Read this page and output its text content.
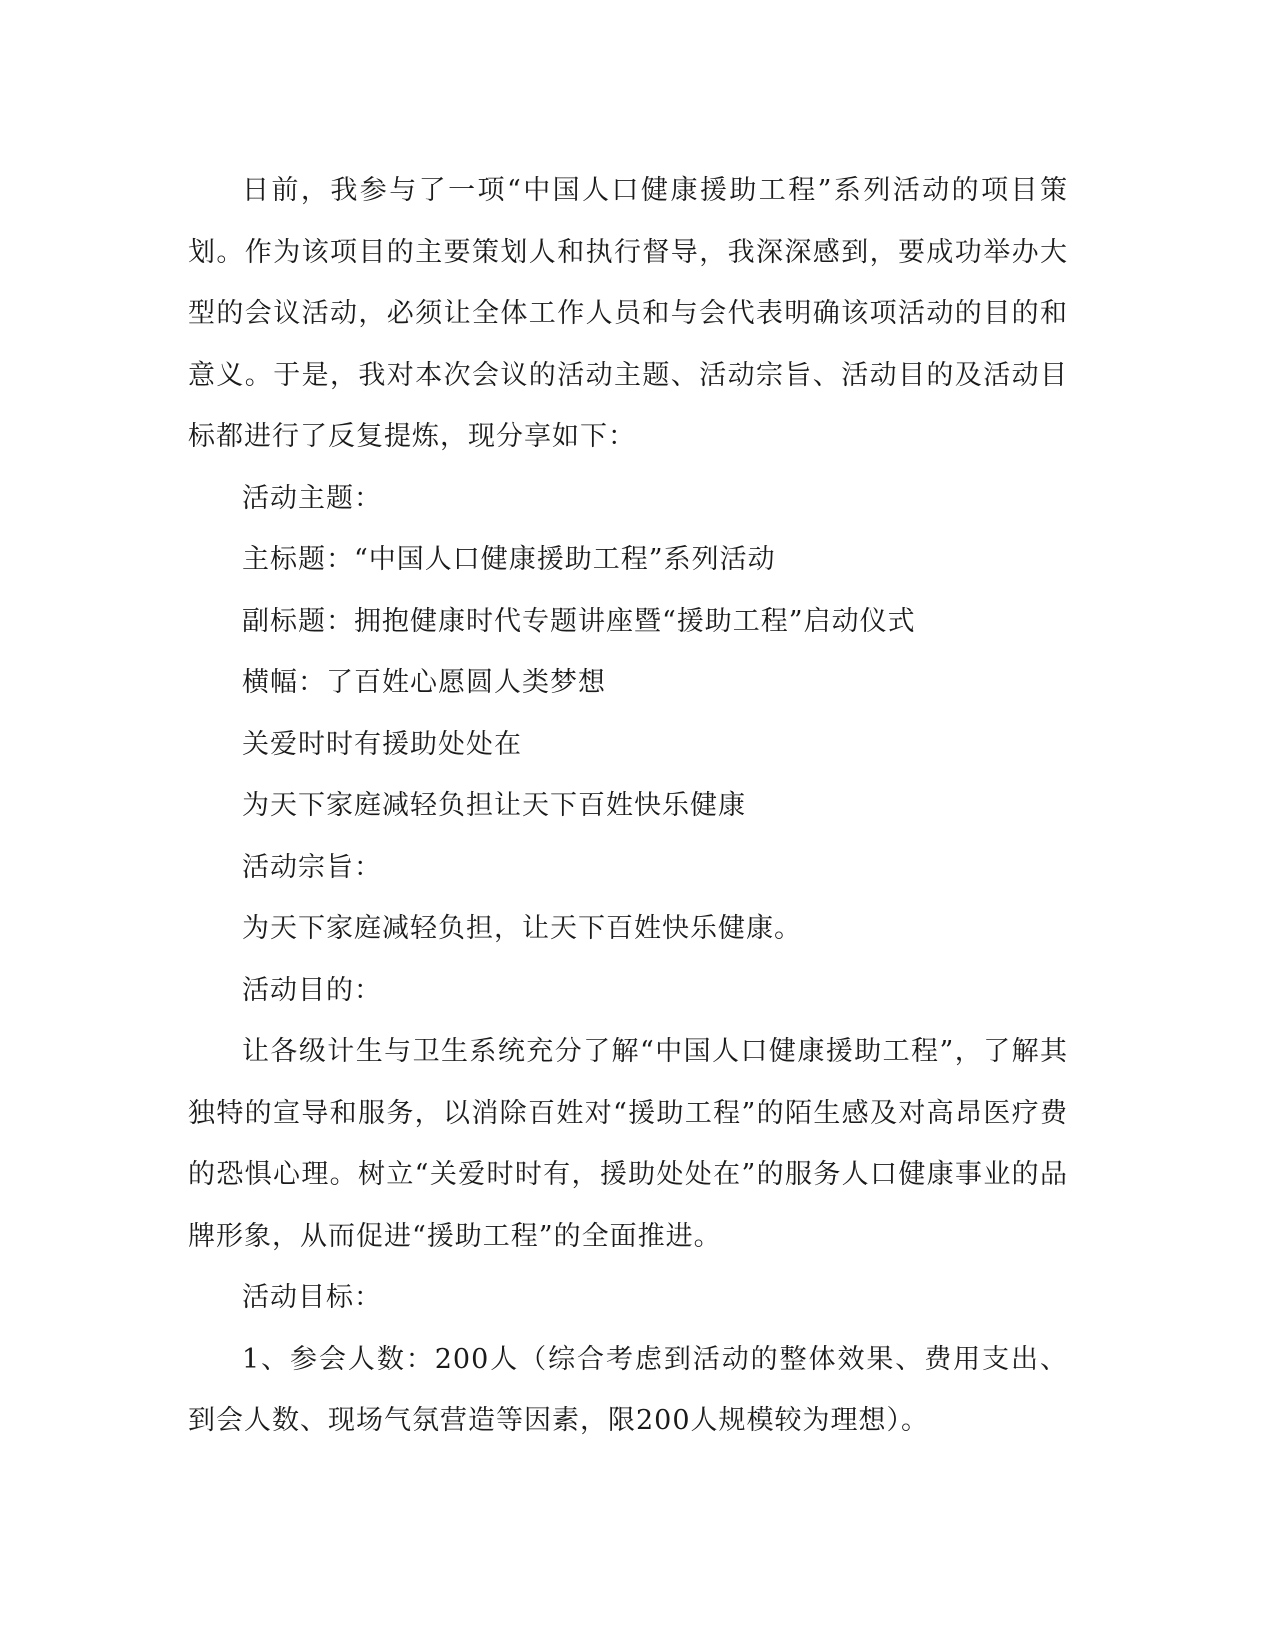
日前，我参与了一项“中国人口健康援助工程”系列活动的项目策划。作为该项目的主要策划人和执行督导，我深深感到，要成功举办大型的会议活动，必须让全体工作人员和与会代表明确该项活动的目的和意义。于是，我对本次会议的活动主题、活动宗旨、活动目的及活动目标都进行了反复提炼，现分享如下：

活动主题：

主标题：“中国人口健康援助工程”系列活动

副标题：拥抱健康时代专题讲座暨“援助工程”启动仪式

横幅：了百姓心愿圆人类梦想

关爱时时有援助处处在

为天下家庭减轻负担让天下百姓快乐健康

活动宗旨：

为天下家庭减轻负担，让天下百姓快乐健康。

活动目的：

让各级计生与卫生系统充分了解“中国人口健康援助工程”，了解其独特的宣导和服务，以消除百姓对“援助工程”的陌生感及对高昂医疗费的恐惧心理。树立“关爱时时有，援助处处在”的服务人口健康事业的品牌形象，从而促进“援助工程”的全面推进。

活动目标：

1、参会人数：200人（综合考虑到活动的整体效果、费用支出、到会人数、现场气氛营造等因素，限200人规模较为理想）。
